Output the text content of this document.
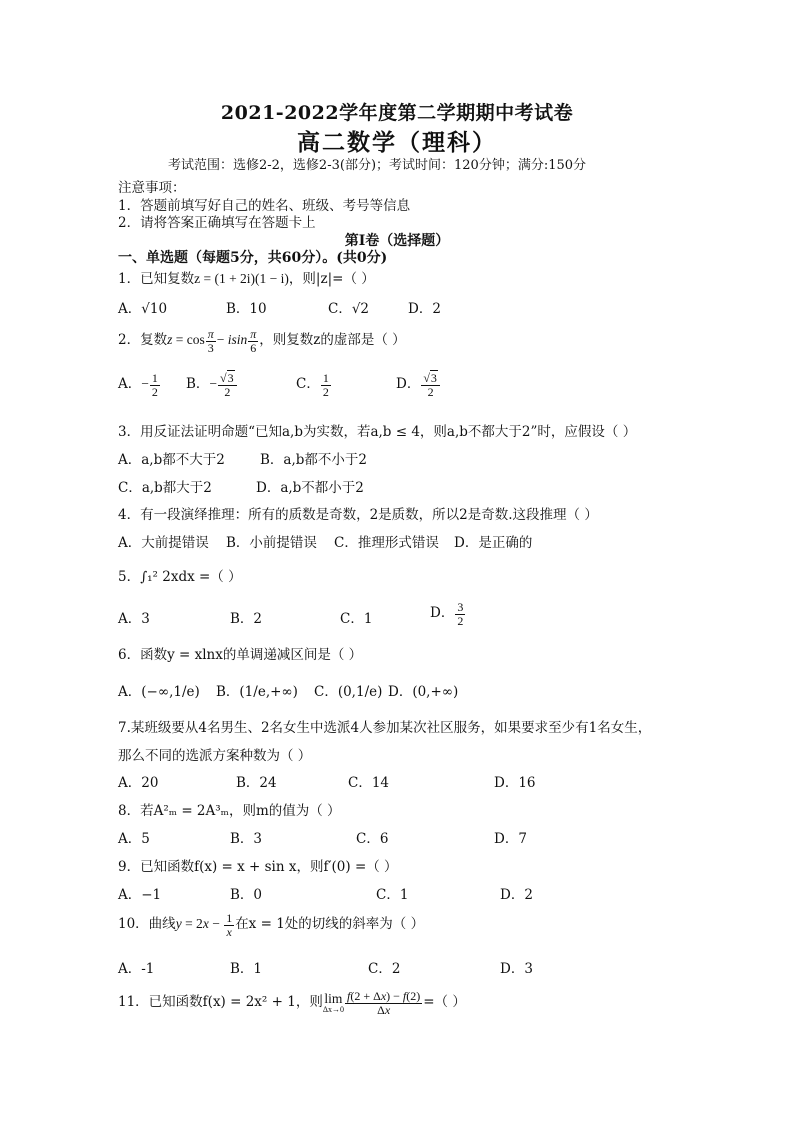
2021-2022学年度第二学期期中考试卷
高二数学（理科）
考试范围：选修2-2，选修2-3(部分)；考试时间：120分钟；满分:150分
注意事项：
1．答题前填写好自己的姓名、班级、考号等信息
2．请将答案正确填写在答题卡上
第I卷（选择题）
一、单选题（每题5分，共60分）。(共0分)
1．已知复数z = (1 + 2i)(1 − i)，则|z|=（ ）
A．√10	B．10	C．√2	D．2
2．复数$z = \cos \frac{\pi}{3} - isin \frac{\pi}{6}$ ，则复数z的虚部是（ ）
A．− $\frac{1}{2}$ B．− $\frac{√3}{2}$	C． $\frac{1}{2}$	D． $\frac{√3}{2}$
3．用反证法证明命题“已知a,b为实数，若a,b ≤ 4，则a,b不都大于2”时，应假设（ ）
A．a,b都不大于2	B．a,b都不小于2
C．a,b都大于2	D．a,b不都小于2
4．有一段演绎推理：所有的质数是奇数，2是质数，所以2是奇数.这段推理（ ）
A．大前提错误 B．小前提错误 C．推理形式错误 D．是正确的
5．∫₁² 2xdx =（ ）
A．3	B．2	C．1	D． $\frac{3}{2}$
6．函数y = xlnx的单调递减区间是（ ）
A．(−∞,1/e) B．(1/e,+∞) C．(0,1/e) D．(0,+∞)
7.某班级要从4名男生、2名女生中选派4人参加某次社区服务，如果要求至少有1名女生，
那么不同的选派方案种数为（ ）
A．20	B．24	C．14	D．16
8．若A²ₘ = 2A³ₘ，则m的值为（ ）
A．5	B．3	C．6	D．7
9．已知函数f(x) = x + sin x，则f′(0) =（ ）
A．−1	B．0	C．1	D．2
10．曲线$y = 2x - \frac{1}{x}$ 在x = 1处的切线的斜率为（ ）
A．-1	B．1	C．2	D．3
11．已知函数f(x) = 2x² + 1，则 lim
$\Delta x\to 0 \frac{f(2 + \Delta x) - f(2)}{\Delta x}$ =（ ）
